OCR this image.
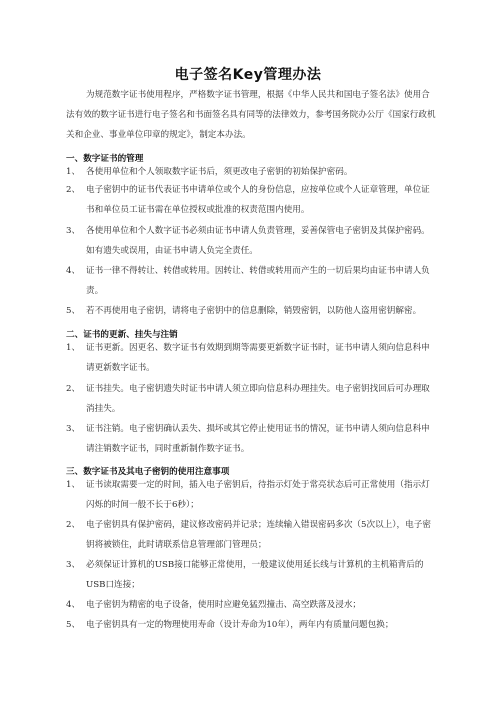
电子签名Key管理办法
为规范数字证书使用程序，严格数字证书管理，根据《中华人民共和国电子签名法》使用合法有效的数字证书进行电子签名和书面签名具有同等的法律效力，参考国务院办公厅《国家行政机关和企业、事业单位印章的规定》，制定本办法。
一、数字证书的管理
1、 各使用单位和个人领取数字证书后，须更改电子密钥的初始保护密码。
2、 电子密钥中的证书代表证书申请单位或个人的身份信息，应按单位或个人证章管理，单位证书和单位员工证书需在单位授权或批准的权责范围内使用。
3、 各使用单位和个人数字证书必须由证书申请人负责管理，妥善保管电子密钥及其保护密码。如有遗失或误用，由证书申请人负完全责任。
4、 证书一律不得转让、转借或转用。因转让、转借或转用而产生的一切后果均由证书申请人负责。
5、 若不再使用电子密钥，请将电子密钥中的信息删除，销毁密钥，以防他人盗用密钥解密。
二、证书的更新、挂失与注销
1、 证书更新。因更名、数字证书有效期到期等需要更新数字证书时，证书申请人须向信息科申请更新数字证书。
2、 证书挂失。电子密钥遗失时证书申请人须立即向信息科办理挂失。电子密钥找回后可办理取消挂失。
3、 证书注销。电子密钥确认丢失、损坏或其它停止使用证书的情况，证书申请人须向信息科申请注销数字证书，同时重新制作数字证书。
三、数字证书及其电子密钥的使用注意事项
1、 证书读取需要一定的时间，插入电子密钥后，待指示灯处于常亮状态后可正常使用（指示灯闪烁的时间一般不长于6秒）；
2、 电子密钥具有保护密码，建议修改密码并记录；连续输入错误密码多次（5次以上），电子密钥将被锁住，此时请联系信息管理部门管理员；
3、 必须保证计算机的USB接口能够正常使用，一般建议使用延长线与计算机的主机箱背后的USB口连接；
4、 电子密钥为精密的电子设备，使用时应避免猛烈撞击、高空跌落及浸水；
5、 电子密钥具有一定的物理使用寿命（设计寿命为10年），两年内有质量问题包换；
